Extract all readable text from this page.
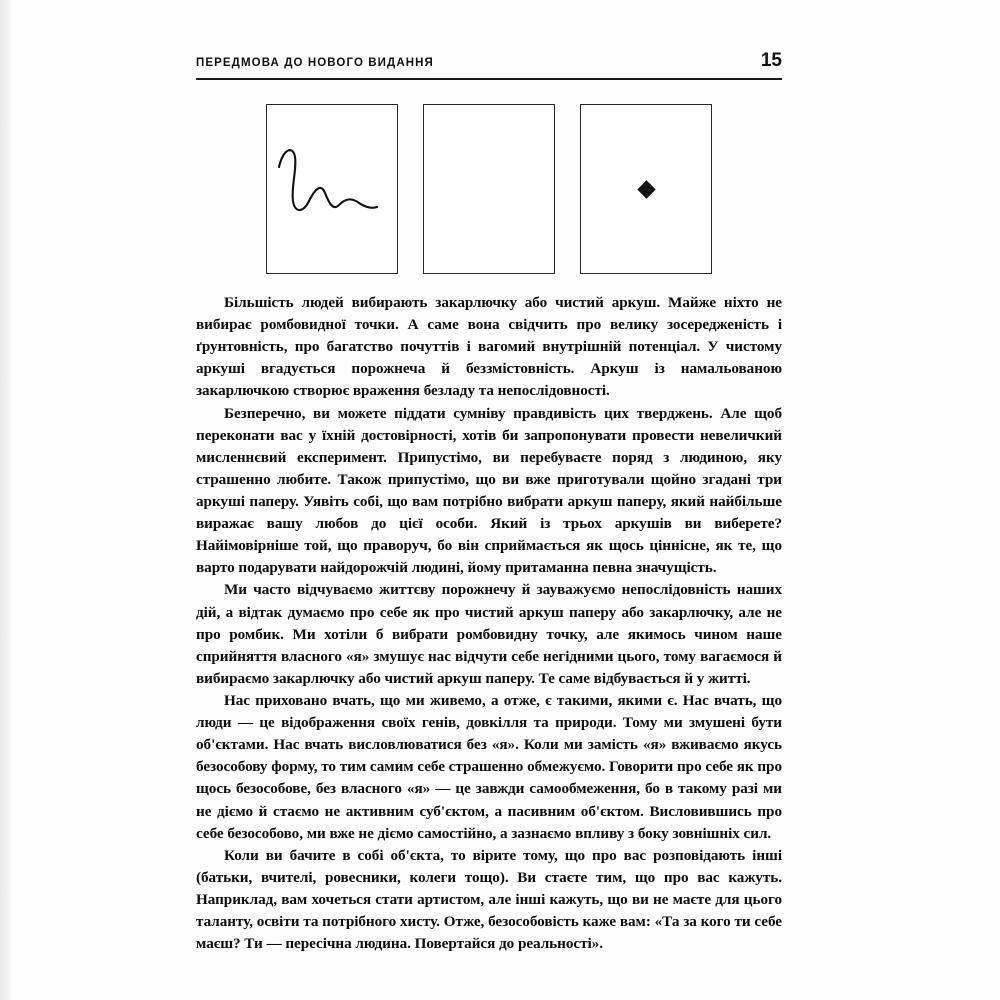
ПЕРЕДМОВА ДО НОВОГО ВИДАННЯ	15

Більшість людей вибирають закарлючку або чистий аркуш. Майже ніхто не вибирає ромбовидної точки. А саме вона свідчить про велику зосередженість і ґрунтовність, про багатство почуттів і вагомий внутрішній потенціал. У чистому аркуші вгадується порожнеча й беззмістовність. Аркуш із намальованою закарлючкою створює враження безладу та непослідовності.

Безперечно, ви можете піддати сумніву правдивість цих тверджень. Але щоб переконати вас у їхній достовірності, хотів би запропонувати провести невеличкий мисленнєвий експеримент. Припустімо, ви перебуваєте поряд з людиною, яку страшенно любите. Також припустімо, що ви вже приготували щойно згадані три аркуші паперу. Уявіть собі, що вам потрібно вибрати аркуш паперу, який найбільше виражає вашу любов до цієї особи. Який із трьох аркушів ви виберете? Найімовірніше той, що праворуч, бо він сприймається як щось ціннісне, як те, що варто подарувати найдорожчій людині, йому притаманна певна значущість.

Ми часто відчуваємо життєву порожнечу й зауважуємо непослідовність наших дій, а відтак думаємо про себе як про чистий аркуш паперу або закарлючку, але не про ромбик. Ми хотіли б вибрати ромбовидну точку, але якимось чином наше сприйняття власного «я» змушує нас відчути себе негідними цього, тому вагаємося й вибираємо закарлючку або чистий аркуш паперу. Те саме відбувається й у житті.

Нас приховано вчать, що ми живемо, а отже, є такими, якими є. Нас вчать, що люди — це відображення своїх генів, довкілля та природи. Тому ми змушені бути об'єктами. Нас вчать висловлюватися без «я». Коли ми замість «я» вживаємо якусь безособову форму, то тим самим себе страшенно обмежуємо. Говорити про себе як про щось безособове, без власного «я» — це завжди самообмеження, бо в такому разі ми не діємо й стаємо не активним суб'єктом, а пасивним об'єктом. Висловившись про себе безособово, ми вже не діємо самостійно, а зазнаємо впливу з боку зовнішніх сил.

Коли ви бачите в собі об'єкта, то вірите тому, що про вас розповідають інші (батьки, вчителі, ровесники, колеги тощо). Ви стаєте тим, що про вас кажуть. Наприклад, вам хочеться стати артистом, але інші кажуть, що ви не маєте для цього таланту, освіти та потрібного хисту. Отже, безособовість каже вам: «Та за кого ти себе маєш? Ти — пересічна людина. Повертайся до реальності».
